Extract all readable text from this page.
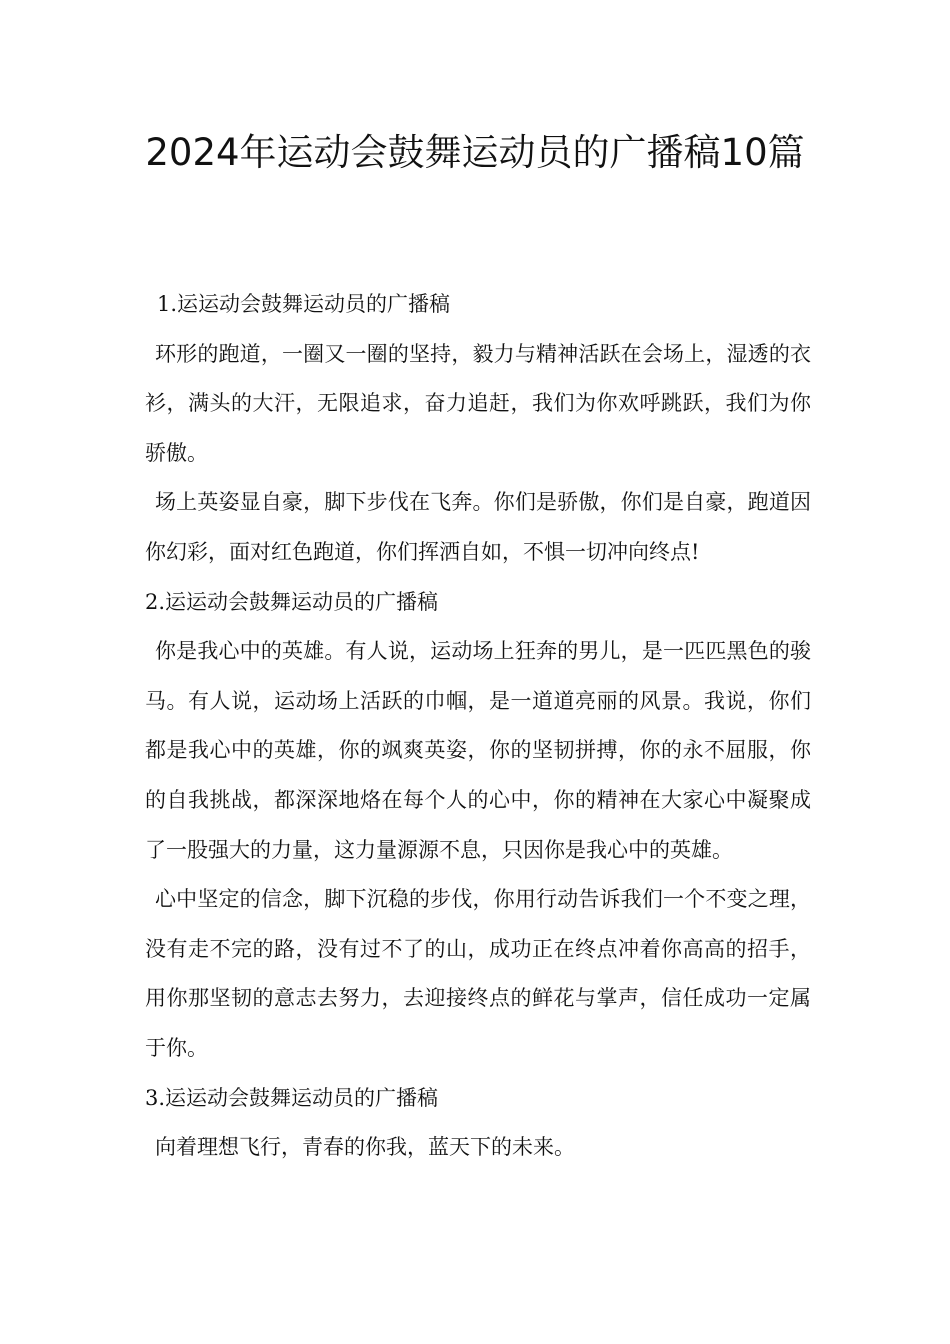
2024年运动会鼓舞运动员的广播稿10篇

1.运运动会鼓舞运动员的广播稿

环形的跑道，一圈又一圈的坚持，毅力与精神活跃在会场上，湿透的衣衫，满头的大汗，无限追求，奋力追赶，我们为你欢呼跳跃，我们为你骄傲。

场上英姿显自豪，脚下步伐在飞奔。你们是骄傲，你们是自豪，跑道因你幻彩，面对红色跑道，你们挥洒自如，不惧一切冲向终点!

2.运运动会鼓舞运动员的广播稿

你是我心中的英雄。有人说，运动场上狂奔的男儿，是一匹匹黑色的骏马。有人说，运动场上活跃的巾帼，是一道道亮丽的风景。我说，你们都是我心中的英雄，你的飒爽英姿，你的坚韧拼搏，你的永不屈服，你的自我挑战，都深深地烙在每个人的心中，你的精神在大家心中凝聚成了一股强大的力量，这力量源源不息，只因你是我心中的英雄。

心中坚定的信念，脚下沉稳的步伐，你用行动告诉我们一个不变之理，没有走不完的路，没有过不了的山，成功正在终点冲着你高高的招手，用你那坚韧的意志去努力，去迎接终点的鲜花与掌声，信任成功一定属于你。

3.运运动会鼓舞运动员的广播稿

向着理想飞行，青春的你我，蓝天下的未来。
